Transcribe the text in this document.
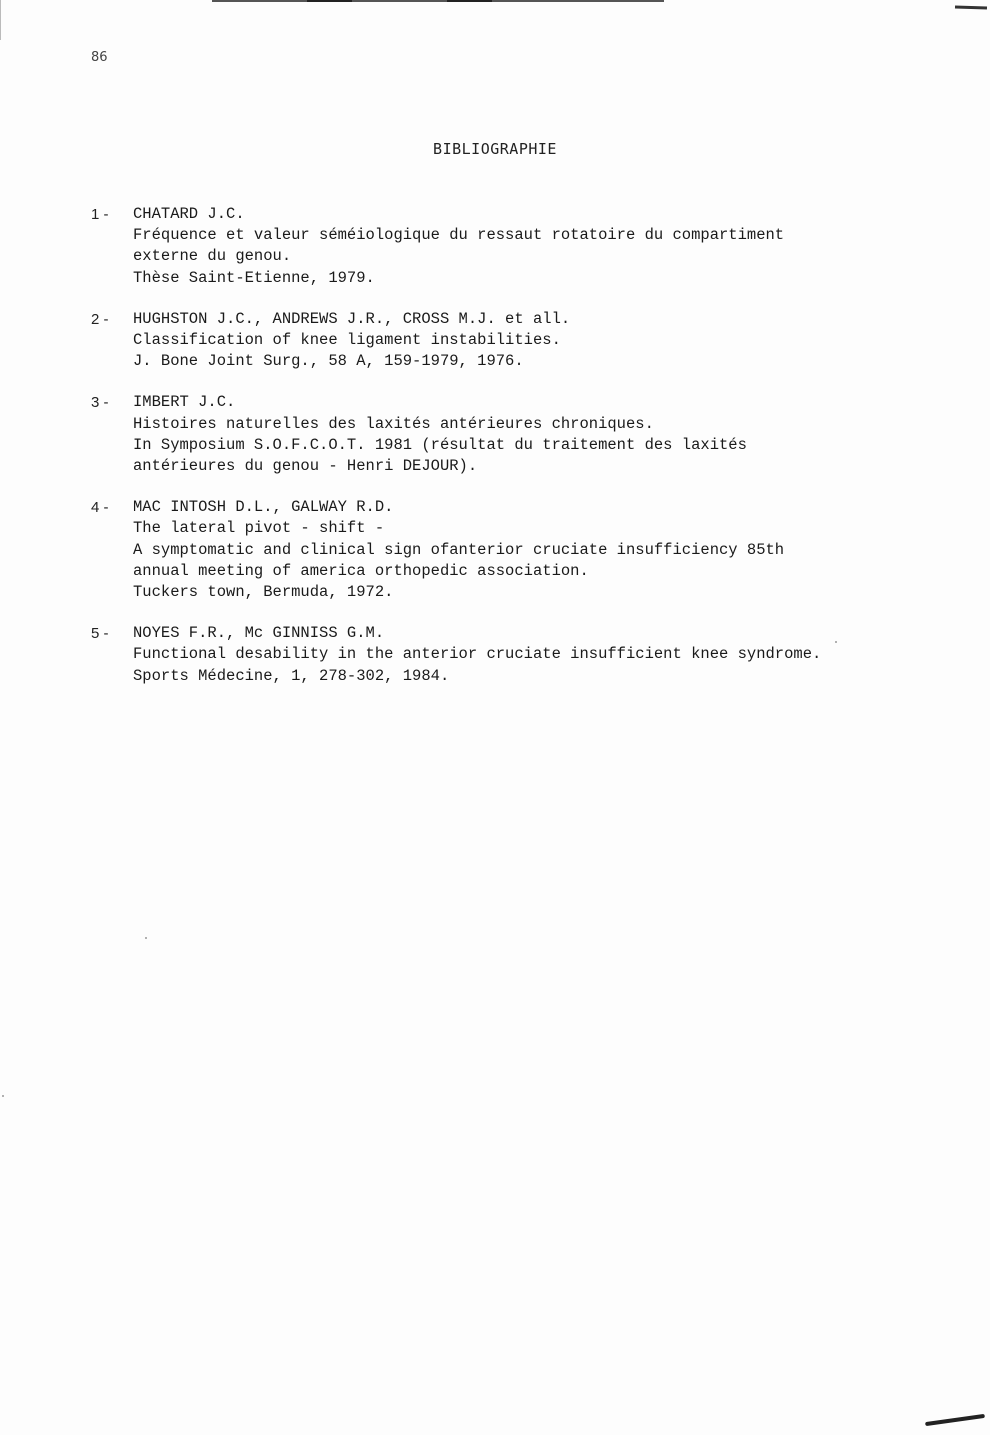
86
BIBLIOGRAPHIE
1 - CHATARD J.C.
Fréquence et valeur séméiologique du ressaut rotatoire du compartiment
externe du genou.
Thèse Saint-Etienne, 1979.
2 - HUGHSTON J.C., ANDREWS J.R., CROSS M.J. et all.
Classification of knee ligament instabilities.
J. Bone Joint Surg., 58 A, 159-1979, 1976.
3 - IMBERT J.C.
Histoires naturelles des laxités antérieures chroniques.
In Symposium S.O.F.C.O.T. 1981 (résultat du traitement des laxités
antérieures du genou - Henri DEJOUR).
4 - MAC INTOSH D.L., GALWAY R.D.
The lateral pivot - shift -
A symptomatic and clinical sign ofanterior cruciate insufficiency 85th
annual meeting of america orthopedic association.
Tuckers town, Bermuda, 1972.
5 - NOYES F.R., Mc GINNISS G.M.
Functional desability in the anterior cruciate insufficient knee syndrome.
Sports Médecine, 1, 278-302, 1984.
